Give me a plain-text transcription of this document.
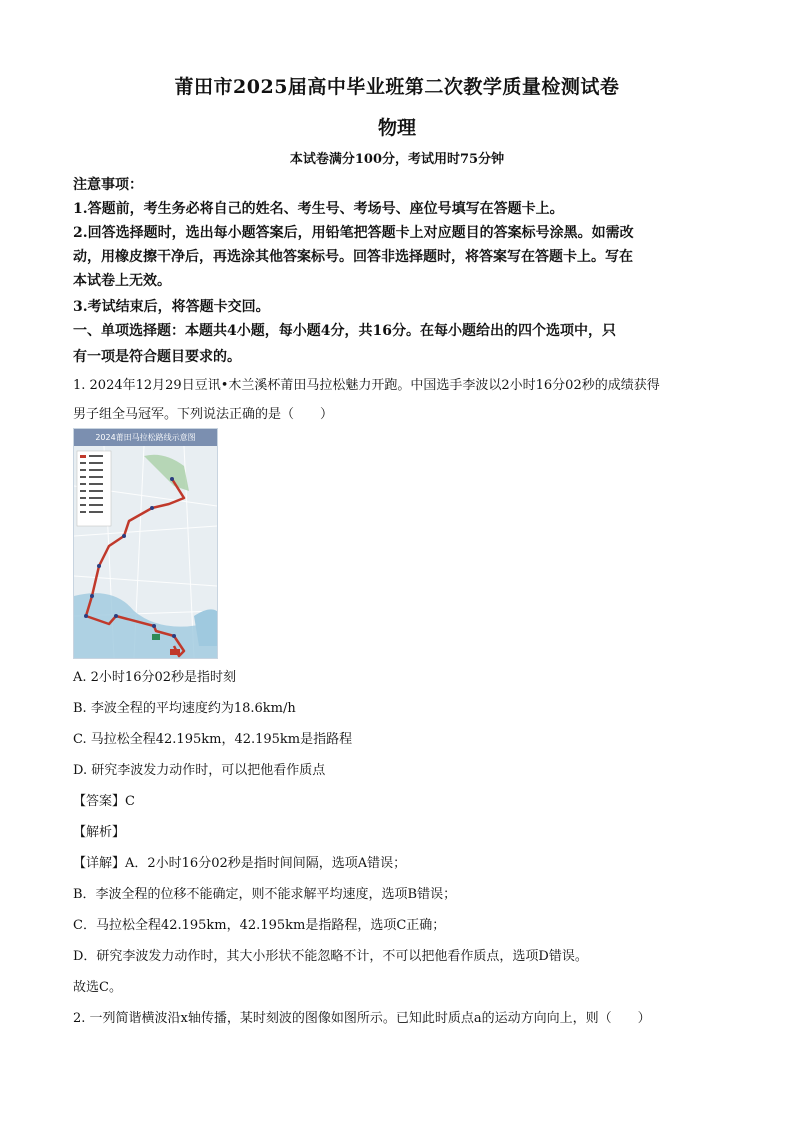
莆田市2025届高中毕业班第二次教学质量检测试卷
物理
本试卷满分100分，考试用时75分钟
注意事项：
1.答题前，考生务必将自己的姓名、考生号、考场号、座位号填写在答题卡上。
2.回答选择题时，选出每小题答案后，用铅笔把答题卡上对应题目的答案标号涂黑。如需改
动，用橡皮擦干净后，再选涂其他答案标号。回答非选择题时，将答案写在答题卡上。写在
本试卷上无效。
3.考试结束后，将答题卡交回。
一、单项选择题：本题共4小题，每小题4分，共16分。在每小题给出的四个选项中，只
有一项是符合题目要求的。
1. 2024年12月29日豆讯•木兰溪杯莆田马拉松魅力开跑。中国选手李波以2小时16分02秒的成绩获得
男子组全马冠军。下列说法正确的是（　　）
2024莆田马拉松路线示意图
A. 2小时16分02秒是指时刻
B. 李波全程的平均速度约为18.6km/h
C. 马拉松全程42.195km，42.195km是指路程
D. 研究李波发力动作时，可以把他看作质点
【答案】C
【解析】
【详解】A．2小时16分02秒是指时间间隔，选项A错误；
B．李波全程的位移不能确定，则不能求解平均速度，选项B错误；
C．马拉松全程42.195km，42.195km是指路程，选项C正确；
D．研究李波发力动作时，其大小形状不能忽略不计，不可以把他看作质点，选项D错误。
故选C。
2. 一列简谐横波沿x轴传播，某时刻波的图像如图所示。已知此时质点a的运动方向向上，则（　　）
